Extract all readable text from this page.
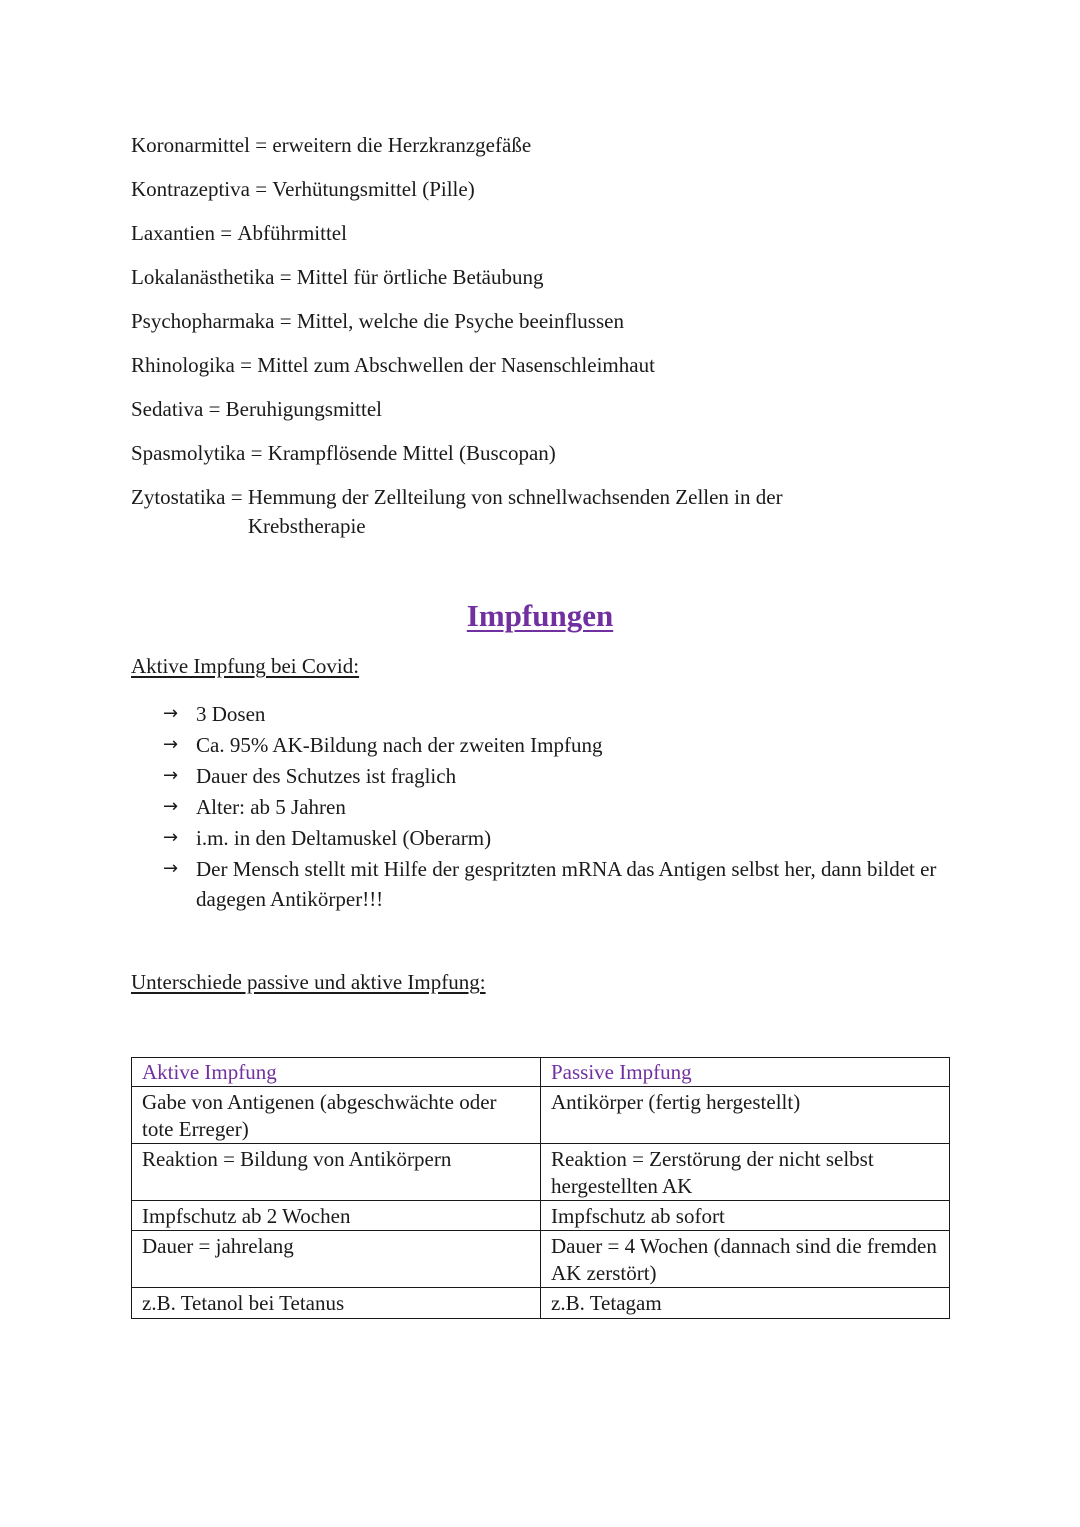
Koronarmittel = erweitern die Herzkranzgefäße
Kontrazeptiva = Verhütungsmittel (Pille)
Laxantien = Abführmittel
Lokalanästhetika = Mittel für örtliche Betäubung
Psychopharmaka = Mittel, welche die Psyche beeinflussen
Rhinologika = Mittel zum Abschwellen der Nasenschleimhaut
Sedativa = Beruhigungsmittel
Spasmolytika = Krampflösende Mittel (Buscopan)
Zytostatika = Hemmung der Zellteilung von schnellwachsenden Zellen in der Krebstherapie
Impfungen
Aktive Impfung bei Covid:
→ 3 Dosen
→ Ca. 95% AK-Bildung nach der zweiten Impfung
→ Dauer des Schutzes ist fraglich
→ Alter: ab 5 Jahren
→ i.m. in den Deltamuskel (Oberarm)
→ Der Mensch stellt mit Hilfe der gespritzten mRNA das Antigen selbst her, dann bildet er dagegen Antikörper!!!
Unterschiede passive und aktive Impfung:
Aktive Impfung	Passive Impfung
Gabe von Antigenen (abgeschwächte oder tote Erreger)	Antikörper (fertig hergestellt)
Reaktion = Bildung von Antikörpern	Reaktion = Zerstörung der nicht selbst hergestellten AK
Impfschutz ab 2 Wochen	Impfschutz ab sofort
Dauer = jahrelang	Dauer = 4 Wochen (dannach sind die fremden AK zerstört)
z.B. Tetanol bei Tetanus	z.B. Tetagam
